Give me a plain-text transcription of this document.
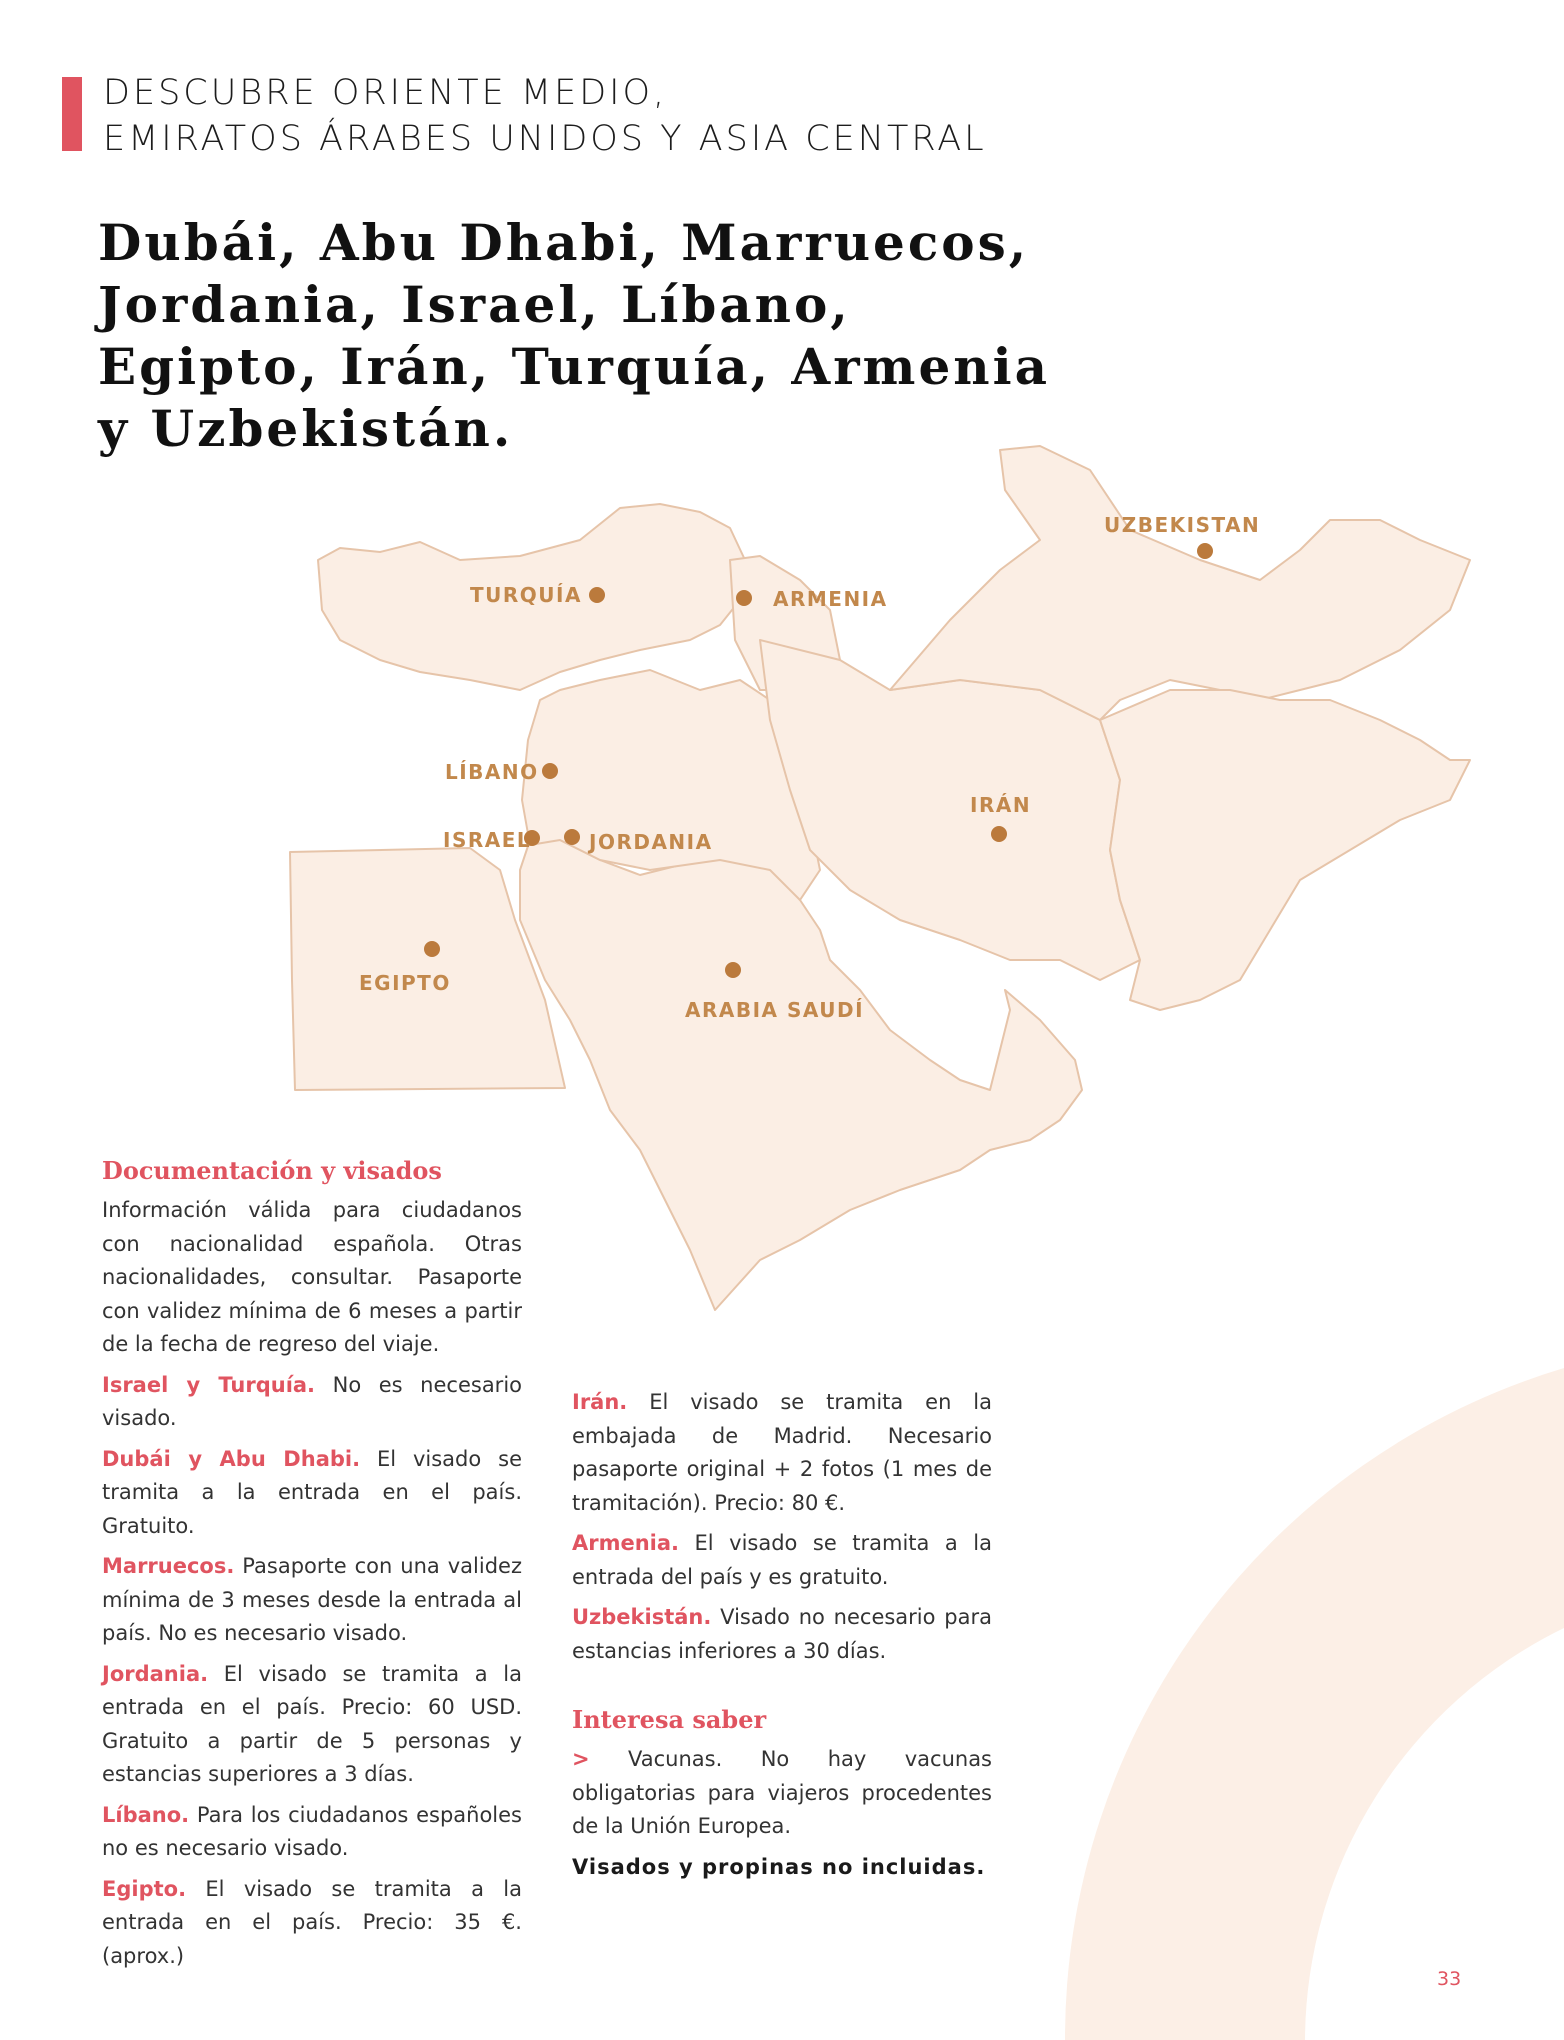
DESCUBRE ORIENTE MEDIO,
EMIRATOS ÁRABES UNIDOS Y ASIA CENTRAL
Dubái, Abu Dhabi, Marruecos, Jordania, Israel, Líbano, Egipto, Irán, Turquía, Armenia y Uzbekistán.
UZBEKISTAN
TURQUÍA	ARMENIA
LÍBANO
ISRAEL	JORDANIA
IRÁN
EGIPTO
ARABIA SAUDÍ
Documentación y visados

Información válida para ciudadanos con nacionalidad española. Otras nacionalidades, consultar. Pasaporte con validez mínima de 6 meses a partir de la fecha de regreso del viaje.

Israel y Turquía. No es necesario visado.

Dubái y Abu Dhabi. El visado se tramita a la entrada en el país. Gratuito.

Marruecos. Pasaporte con una validez mínima de 3 meses desde la entrada al país. No es necesario visado.

Jordania. El visado se tramita a la entrada en el país. Precio: 60 USD. Gratuito a partir de 5 personas y estancias superiores a 3 días.

Líbano. Para los ciudadanos españoles no es necesario visado.

Egipto. El visado se tramita a la entrada en el país. Precio: 35 €. (aprox.)

Irán. El visado se tramita en la embajada de Madrid. Necesario pasaporte original + 2 fotos (1 mes de tramitación). Precio: 80 €.

Armenia. El visado se tramita a la entrada del país y es gratuito.

Uzbekistán. Visado no necesario para estancias inferiores a 30 días.

Interesa saber

> Vacunas. No hay vacunas obligatorias para viajeros procedentes de la Unión Europea.

Visados y propinas no incluidas.

33
